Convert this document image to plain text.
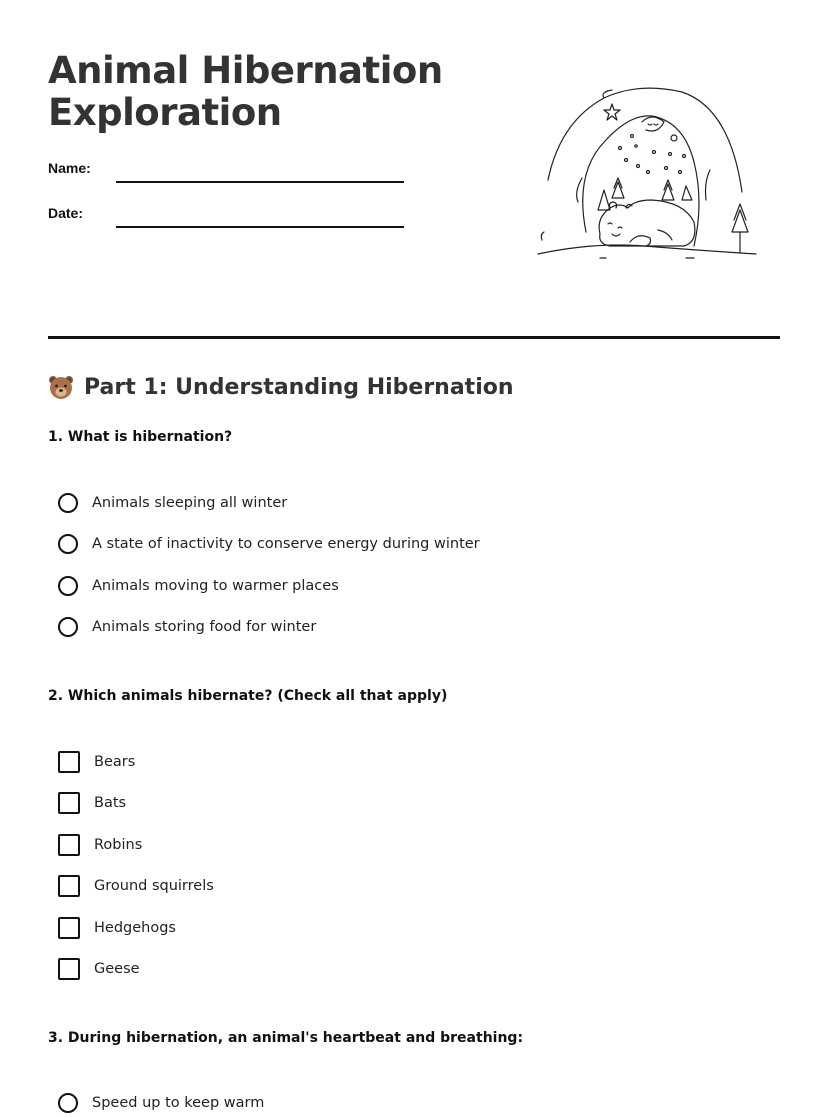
Animal Hibernation
Exploration
Name:
Date:
Part 1: Understanding Hibernation

1. What is hibernation?

Animals sleeping all winter
A state of inactivity to conserve energy during winter
Animals moving to warmer places
Animals storing food for winter

2. Which animals hibernate? (Check all that apply)

Bears
Bats
Robins
Ground squirrels
Hedgehogs
Geese

3. During hibernation, an animal's heartbeat and breathing:

Speed up to keep warm
